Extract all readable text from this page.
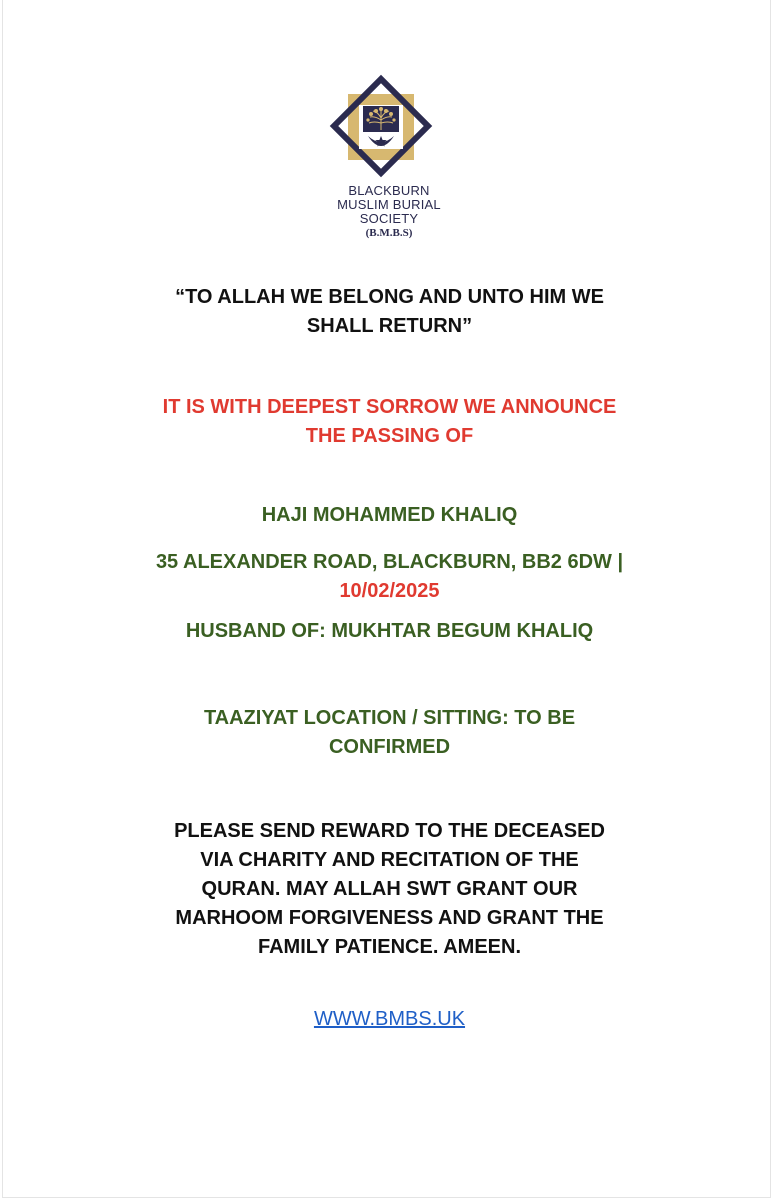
BLACKBURN
MUSLIM BURIAL
SOCIETY
(B.M.B.S)
“TO ALLAH WE BELONG AND UNTO HIM WE
SHALL RETURN”
IT IS WITH DEEPEST SORROW WE ANNOUNCE
THE PASSING OF
HAJI MOHAMMED KHALIQ
35 ALEXANDER ROAD, BLACKBURN, BB2 6DW |
10/02/2025
HUSBAND OF: MUKHTAR BEGUM KHALIQ
TAAZIYAT LOCATION / SITTING: TO BE
CONFIRMED
PLEASE SEND REWARD TO THE DECEASED
VIA CHARITY AND RECITATION OF THE
QURAN. MAY ALLAH SWT GRANT OUR
MARHOOM FORGIVENESS AND GRANT THE
FAMILY PATIENCE. AMEEN.
WWW.BMBS.UK
